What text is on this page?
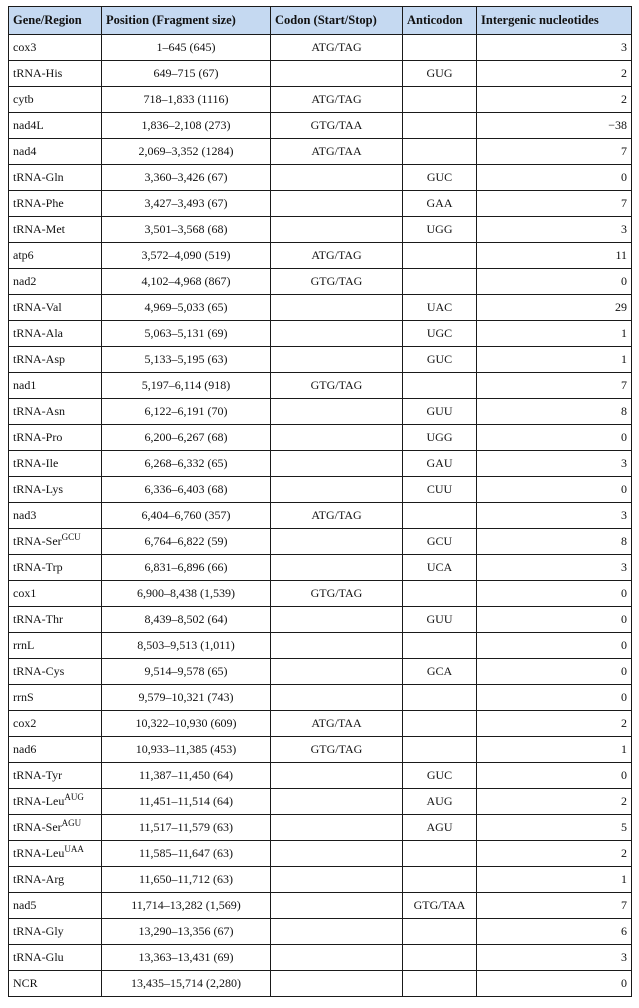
Gene/Region	Position (Fragment size)	Codon (Start/Stop)	Anticodon	Intergenic nucleotides
cox3	1–645 (645)	ATG/TAG		3
tRNA-His	649–715 (67)		GUG	2
cytb	718–1,833 (1116)	ATG/TAG		2
nad4L	1,836–2,108 (273)	GTG/TAA		−38
nad4	2,069–3,352 (1284)	ATG/TAA		7
tRNA-Gln	3,360–3,426 (67)		GUC	0
tRNA-Phe	3,427–3,493 (67)		GAA	7
tRNA-Met	3,501–3,568 (68)		UGG	3
atp6	3,572–4,090 (519)	ATG/TAG		11
nad2	4,102–4,968 (867)	GTG/TAG		0
tRNA-Val	4,969–5,033 (65)		UAC	29
tRNA-Ala	5,063–5,131 (69)		UGC	1
tRNA-Asp	5,133–5,195 (63)		GUC	1
nad1	5,197–6,114 (918)	GTG/TAG		7
tRNA-Asn	6,122–6,191 (70)		GUU	8
tRNA-Pro	6,200–6,267 (68)		UGG	0
tRNA-Ile	6,268–6,332 (65)		GAU	3
tRNA-Lys	6,336–6,403 (68)		CUU	0
nad3	6,404–6,760 (357)	ATG/TAG		3
tRNA-Ser$^{GCU}$	6,764–6,822 (59)		GCU	8
tRNA-Trp	6,831–6,896 (66)		UCA	3
cox1	6,900–8,438 (1,539)	GTG/TAG		0
tRNA-Thr	8,439–8,502 (64)		GUU	0
rrnL	8,503–9,513 (1,011)			0
tRNA-Cys	9,514–9,578 (65)		GCA	0
rrnS	9,579–10,321 (743)			0
cox2	10,322–10,930 (609)	ATG/TAA		2
nad6	10,933–11,385 (453)	GTG/TAG		1
tRNA-Tyr	11,387–11,450 (64)		GUC	0
tRNA-Leu$^{AUG}$	11,451–11,514 (64)		AUG	2
tRNA-Ser$^{AGU}$	11,517–11,579 (63)		AGU	5
tRNA-Leu$^{UAA}$	11,585–11,647 (63)			2
tRNA-Arg	11,650–11,712 (63)			1
nad5	11,714–13,282 (1,569)		GTG/TAA	7
tRNA-Gly	13,290–13,356 (67)			6
tRNA-Glu	13,363–13,431 (69)			3
NCR	13,435–15,714 (2,280)			0
